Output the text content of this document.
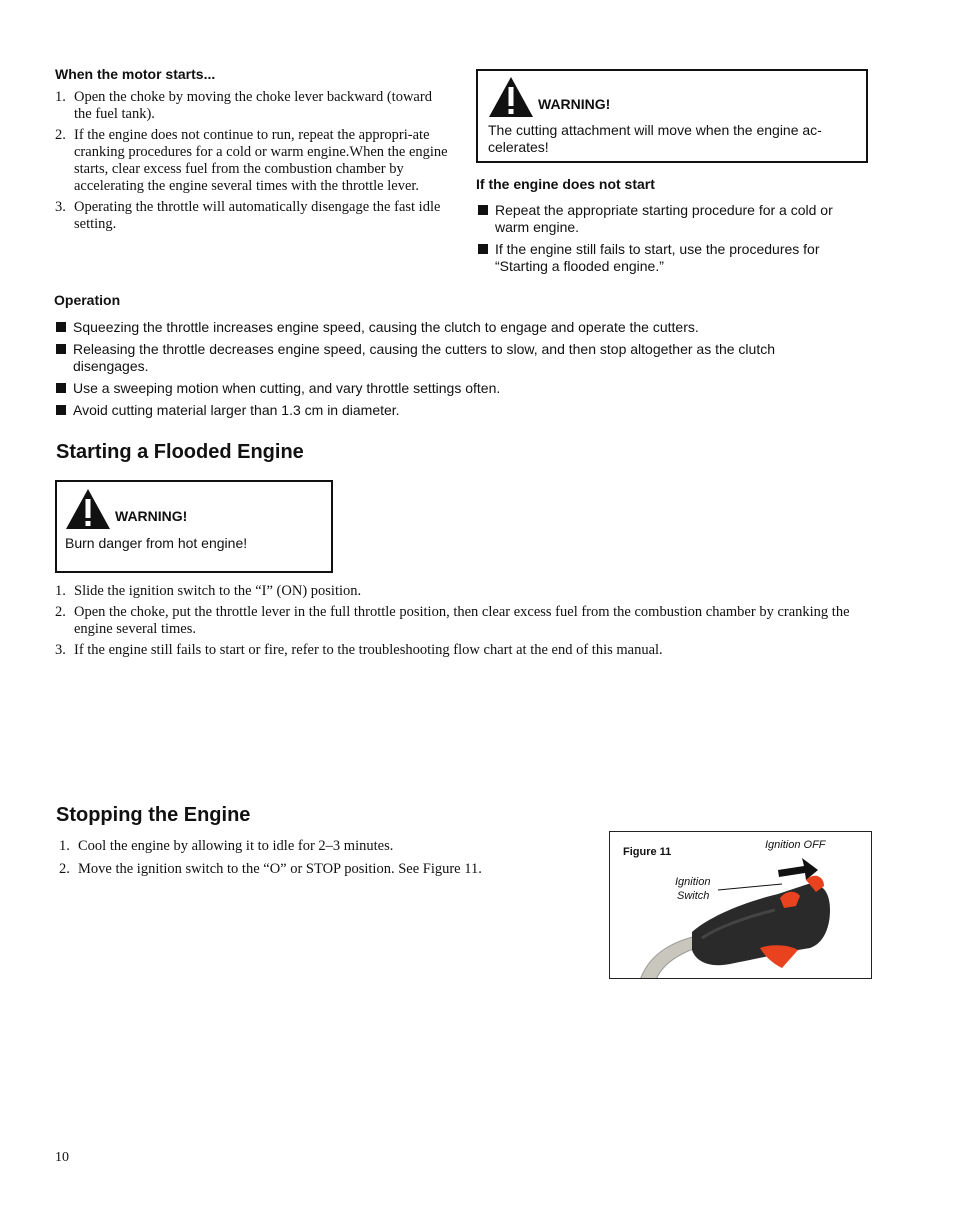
When the motor starts...
1. Open the choke by moving the choke lever backward (toward the fuel tank).
2. If the engine does not continue to run, repeat the appropri-ate cranking procedures for a cold or warm engine.When the engine starts, clear excess fuel from the combustion chamber by accelerating the engine several times with the throttle lever.
3. Operating the throttle will automatically disengage the fast idle setting.
WARNING!
The cutting attachment will move when the engine ac-celerates!
If the engine does not start
Repeat the appropriate starting procedure for a cold or warm engine.
If the engine still fails to start, use the procedures for “Starting a flooded engine.”
Operation
Squeezing the throttle increases engine speed, causing the clutch to engage and operate the cutters.
Releasing the throttle decreases engine speed, causing the cutters to slow, and then stop altogether as the clutch disengages.
Use a sweeping motion when cutting, and vary throttle settings often.
Avoid cutting material larger than 1.3 cm in diameter.
Starting a Flooded Engine
WARNING!
Burn danger from hot engine!
1. Slide the ignition switch to the “I” (ON) position.
2. Open the choke, put the throttle lever in the full throttle position, then clear excess fuel from the combustion chamber by cranking the engine several times.
3. If the engine still fails to start or fire, refer to the troubleshooting flow chart at the end of this manual.
Stopping the Engine
1. Cool the engine by allowing it to idle for 2–3 minutes.
2. Move the ignition switch to the “O” or STOP position. See Figure 11.
Figure 11
Ignition OFF
Ignition
Switch
10
